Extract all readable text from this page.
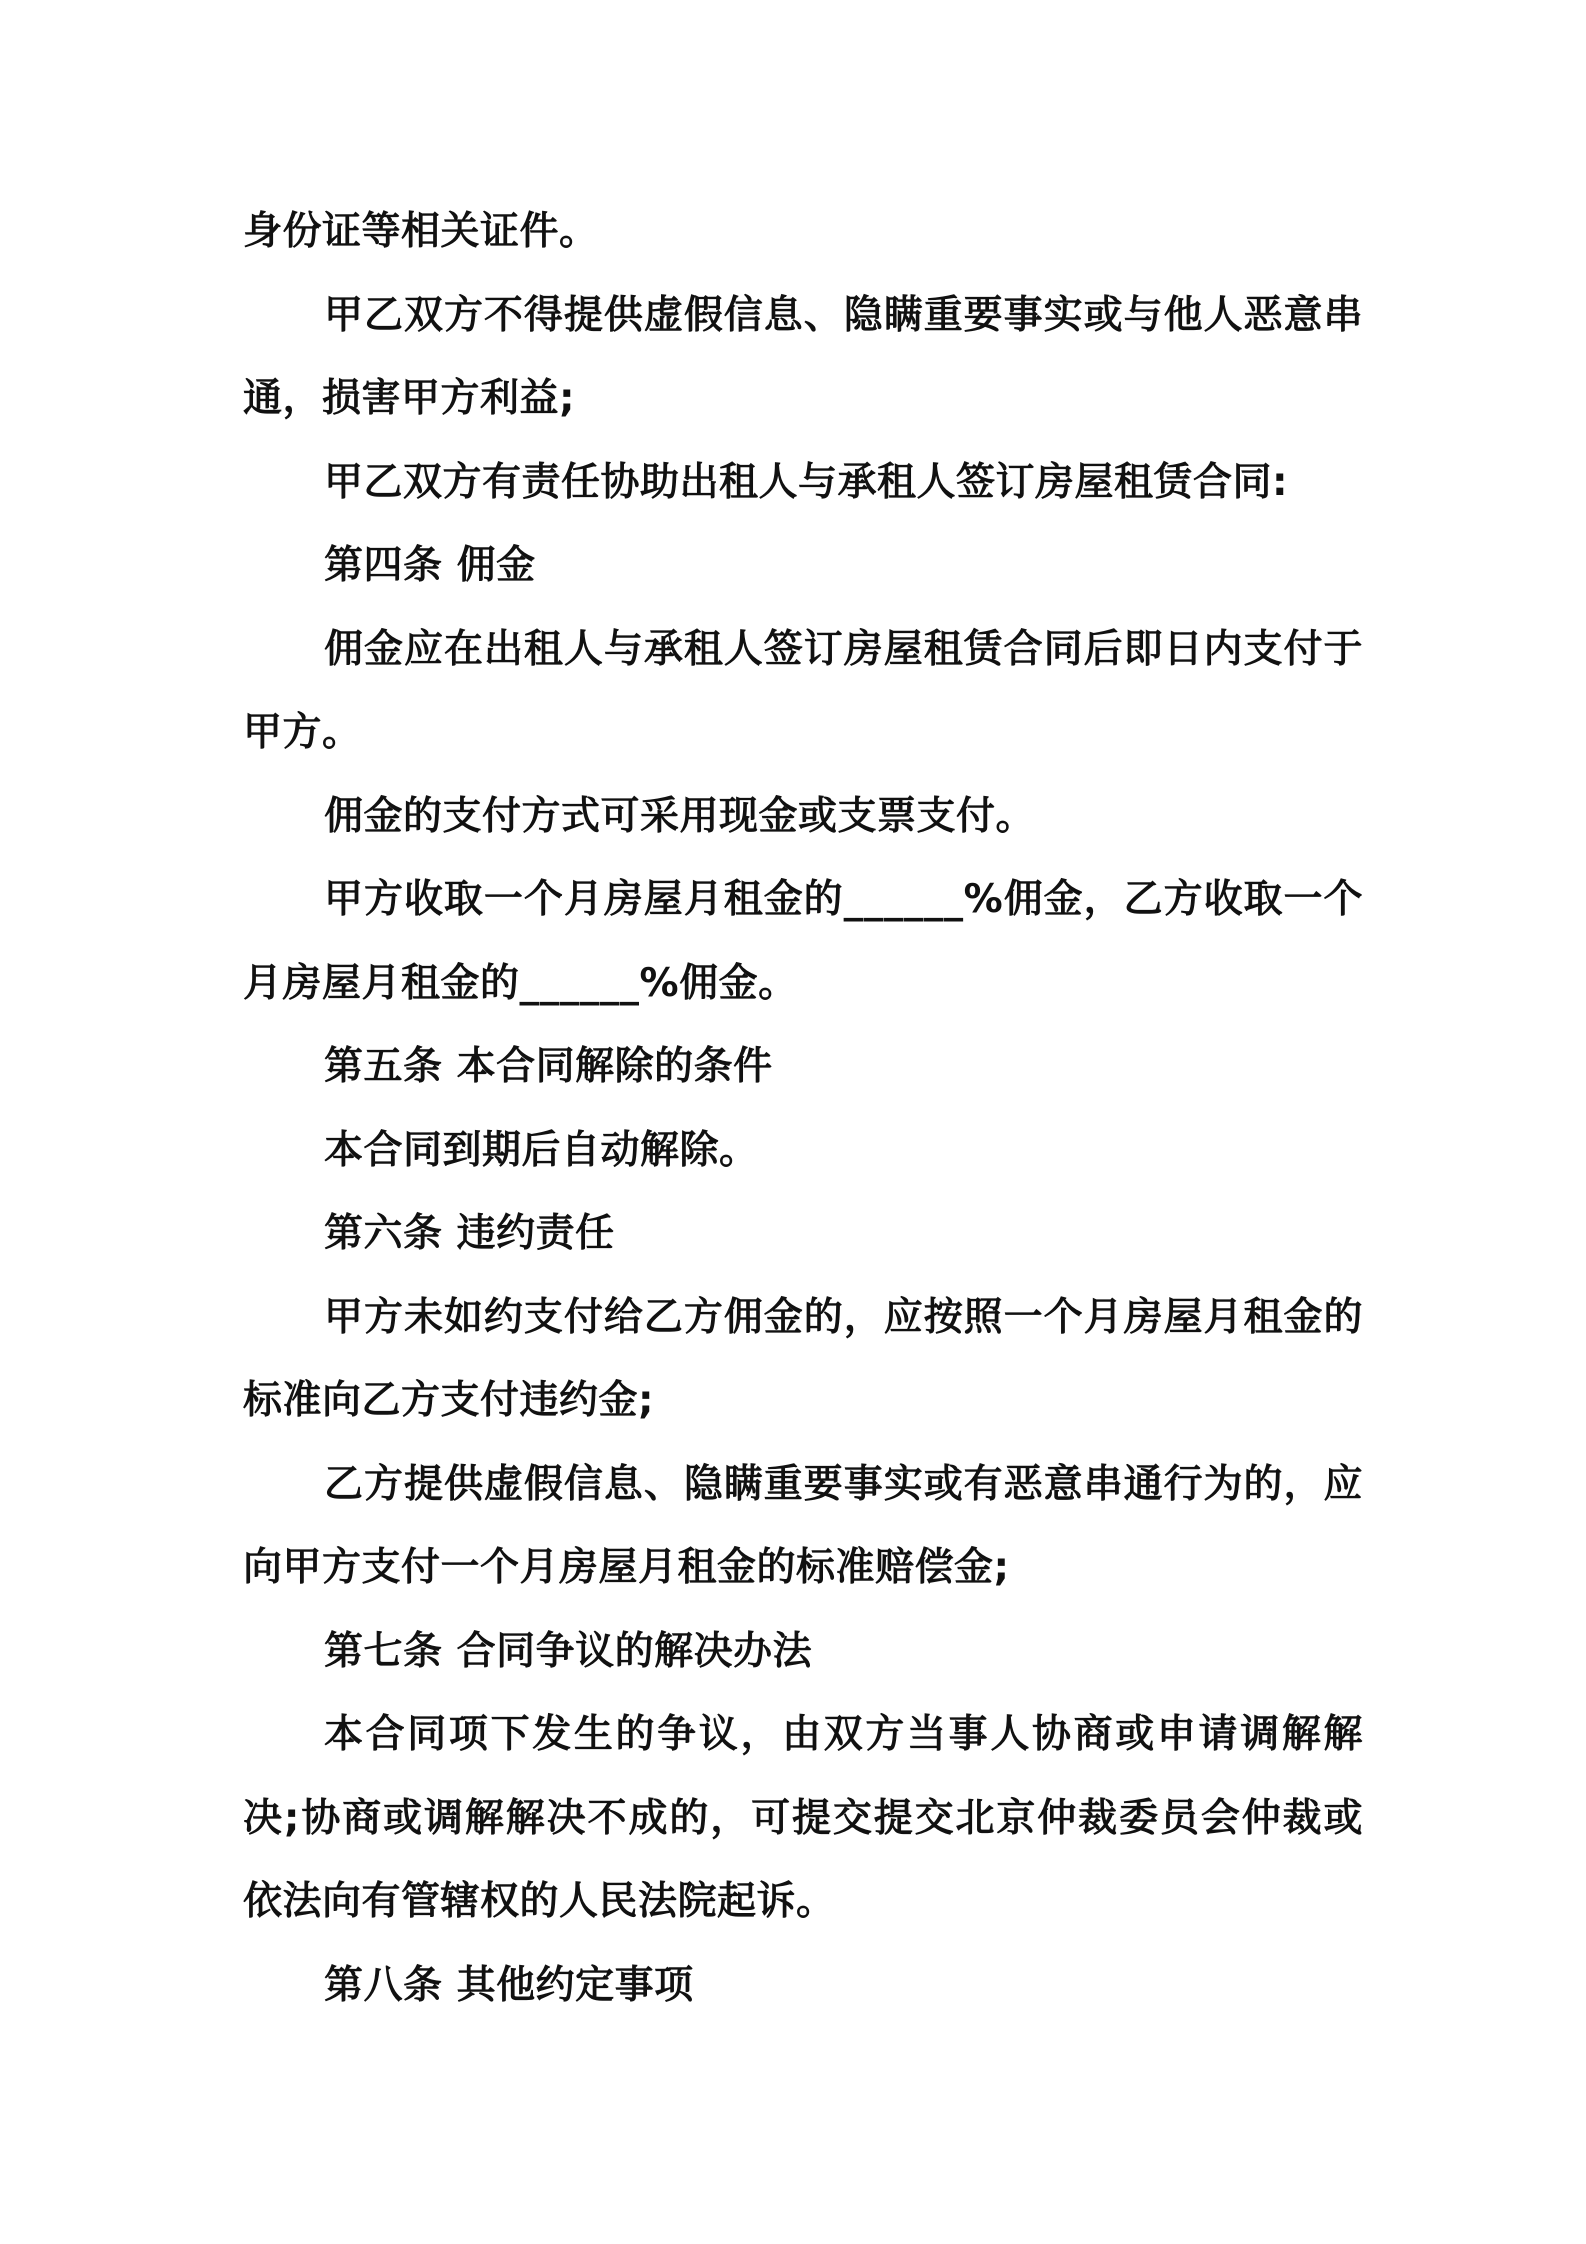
身份证等相关证件。

甲乙双方不得提供虚假信息、隐瞒重要事实或与他人恶意串通，损害甲方利益;

甲乙双方有责任协助出租人与承租人签订房屋租赁合同:

第四条 佣金

佣金应在出租人与承租人签订房屋租赁合同后即日内支付于甲方。

佣金的支付方式可采用现金或支票支付。

甲方收取一个月房屋月租金的______%佣金，乙方收取一个月房屋月租金的______%佣金。

第五条 本合同解除的条件

本合同到期后自动解除。

第六条 违约责任

甲方未如约支付给乙方佣金的，应按照一个月房屋月租金的标准向乙方支付违约金;

乙方提供虚假信息、隐瞒重要事实或有恶意串通行为的，应向甲方支付一个月房屋月租金的标准赔偿金;

第七条 合同争议的解决办法

本合同项下发生的争议，由双方当事人协商或申请调解解决;协商或调解解决不成的，可提交提交北京仲裁委员会仲裁或依法向有管辖权的人民法院起诉。

第八条 其他约定事项
